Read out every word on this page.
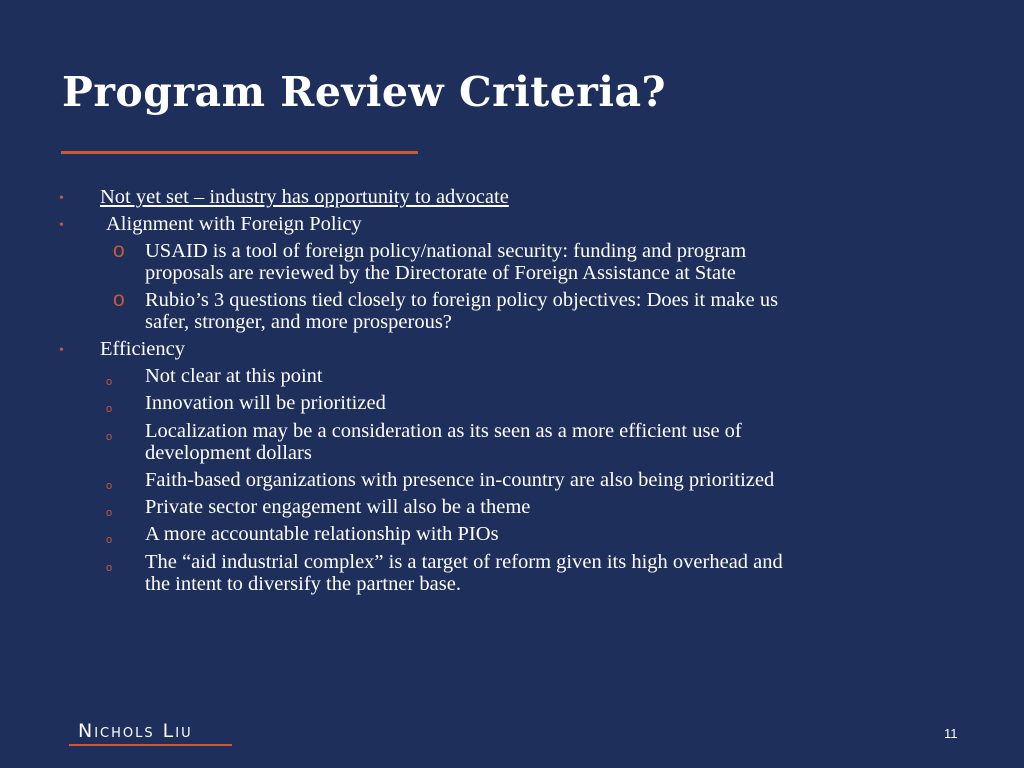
Program Review Criteria?
• Not yet set – industry has opportunity to advocate
• Alignment with Foreign Policy
o USAID is a tool of foreign policy/national security: funding and program
proposals are reviewed by the Directorate of Foreign Assistance at State
o Rubio’s 3 questions tied closely to foreign policy objectives: Does it make us
safer, stronger, and more prosperous?
• Efficiency
o Not clear at this point
o Innovation will be prioritized
o Localization may be a consideration as its seen as a more efficient use of
development dollars
o Faith-based organizations with presence in-country are also being prioritized
o Private sector engagement will also be a theme
o A more accountable relationship with PIOs
o The “aid industrial complex” is a target of reform given its high overhead and
the intent to diversify the partner base.
Nichols Liu	11
